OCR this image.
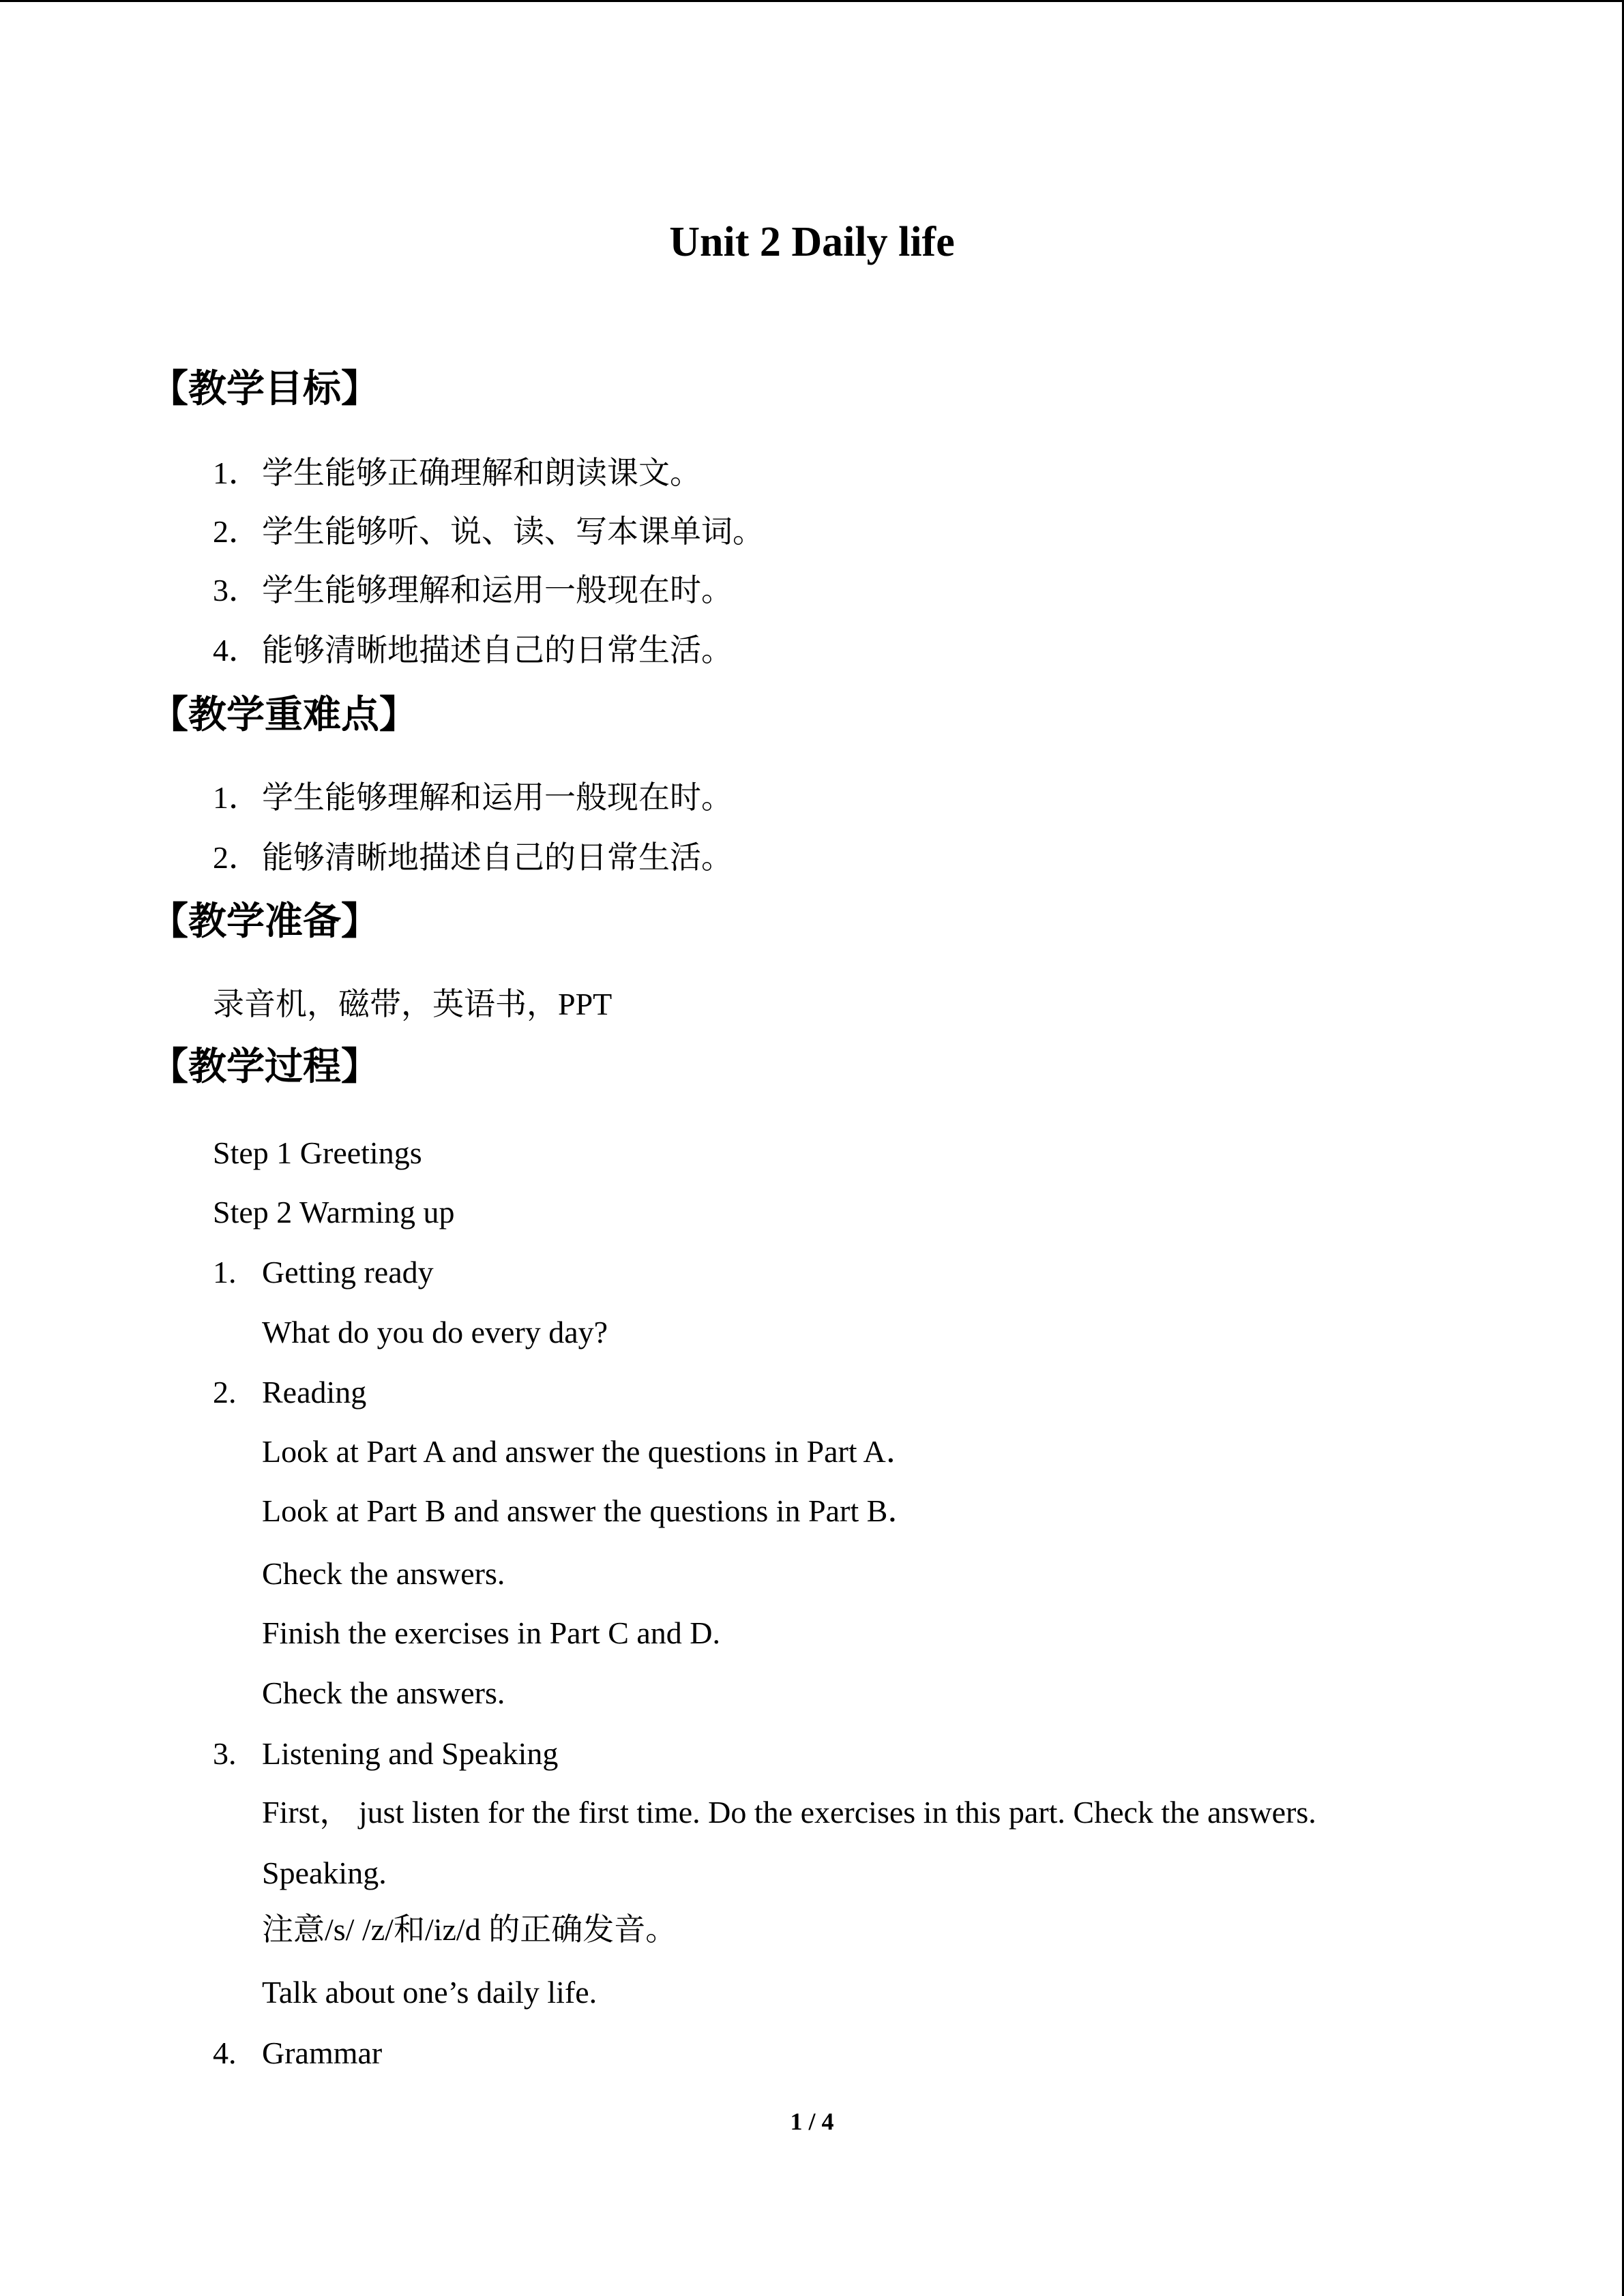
Unit 2 Daily life
【教学目标】
1． 学生能够正确理解和朗读课文。
2． 学生能够听、说、读、写本课单词。
3． 学生能够理解和运用一般现在时。
4． 能够清晰地描述自己的日常生活。
【教学重难点】
1． 学生能够理解和运用一般现在时。
2． 能够清晰地描述自己的日常生活。
【教学准备】
录音机，磁带，英语书，PPT
【教学过程】
Step 1 Greetings
Step 2 Warming up
1. Getting ready
What do you do every day?
2. Reading
Look at Part A and answer the questions in Part A．
Look at Part B and answer the questions in Part B．
Check the answers.
Finish the exercises in Part C and D.
Check the answers.
3. Listening and Speaking
First， just listen for the first time. Do the exercises in this part. Check the answers.
Speaking.
注意/s/ /z/和/iz/d 的正确发音。
Talk about one’s daily life.
4. Grammar
1 / 4
